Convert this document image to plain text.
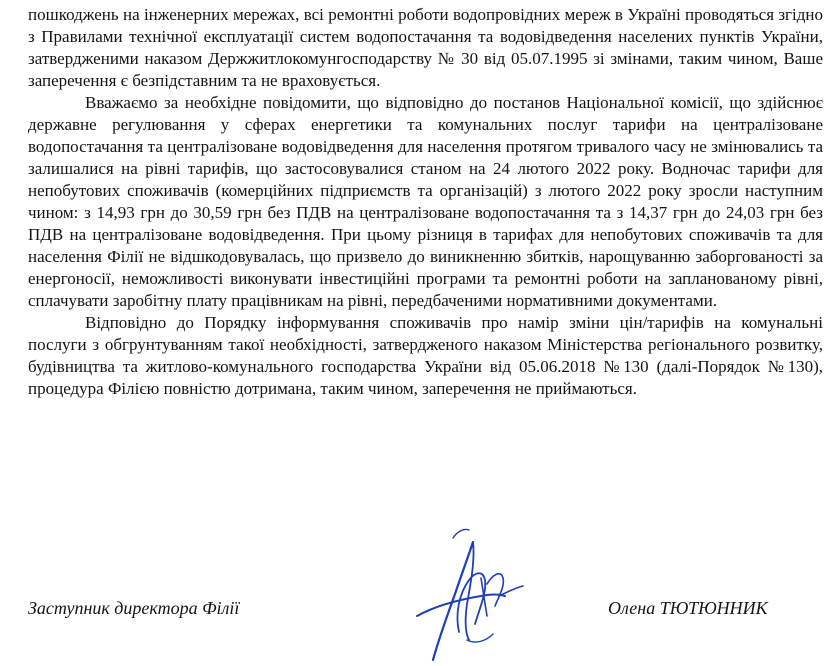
пошкоджень на інженерних мережах, всі ремонтні роботи водопровідних мереж в Україні проводяться згідно з Правилами технічної експлуатації систем водопостачання та водовідведення населених пунктів України, затвердженими наказом Держжитлокомунгосподарству № 30 від 05.07.1995 зі змінами, таким чином, Ваше заперечення є безпідставним та не враховується.

Вважаємо за необхідне повідомити, що відповідно до постанов Національної комісії, що здійснює державне регулювання у сферах енергетики та комунальних послуг тарифи на централізоване водопостачання та централізоване водовідведення для населення протягом тривалого часу не змінювались та залишалися на рівні тарифів, що застосовувалися станом на 24 лютого 2022 року. Водночас тарифи для непобутових споживачів (комерційних підприємств та організацій) з лютого 2022 року зросли наступним чином: з 14,93 грн до 30,59 грн без ПДВ на централізоване водопостачання та з 14,37 грн до 24,03 грн без ПДВ на централізоване водовідведення. При цьому різниця в тарифах для непобутових споживачів та для населення Філії не відшкодовувалась, що призвело до виникненню збитків, нарощуванню заборгованості за енергоносії, неможливості виконувати інвестиційні програми та ремонтні роботи на запланованому рівні, сплачувати заробітну плату працівникам на рівні, передбаченими нормативними документами.

Відповідно до Порядку інформування споживачів про намір зміни цін/тарифів на комунальні послуги з обгрунтуванням такої необхідності, затвердженого наказом Міністерства регіонального розвитку, будівництва та житлово-комунального господарства України від 05.06.2018 №130 (далі-Порядок №130), процедура Філією повністю дотримана, таким чином, заперечення не приймаються.

Заступник директора Філії	Олена ТЮТЮННИК
